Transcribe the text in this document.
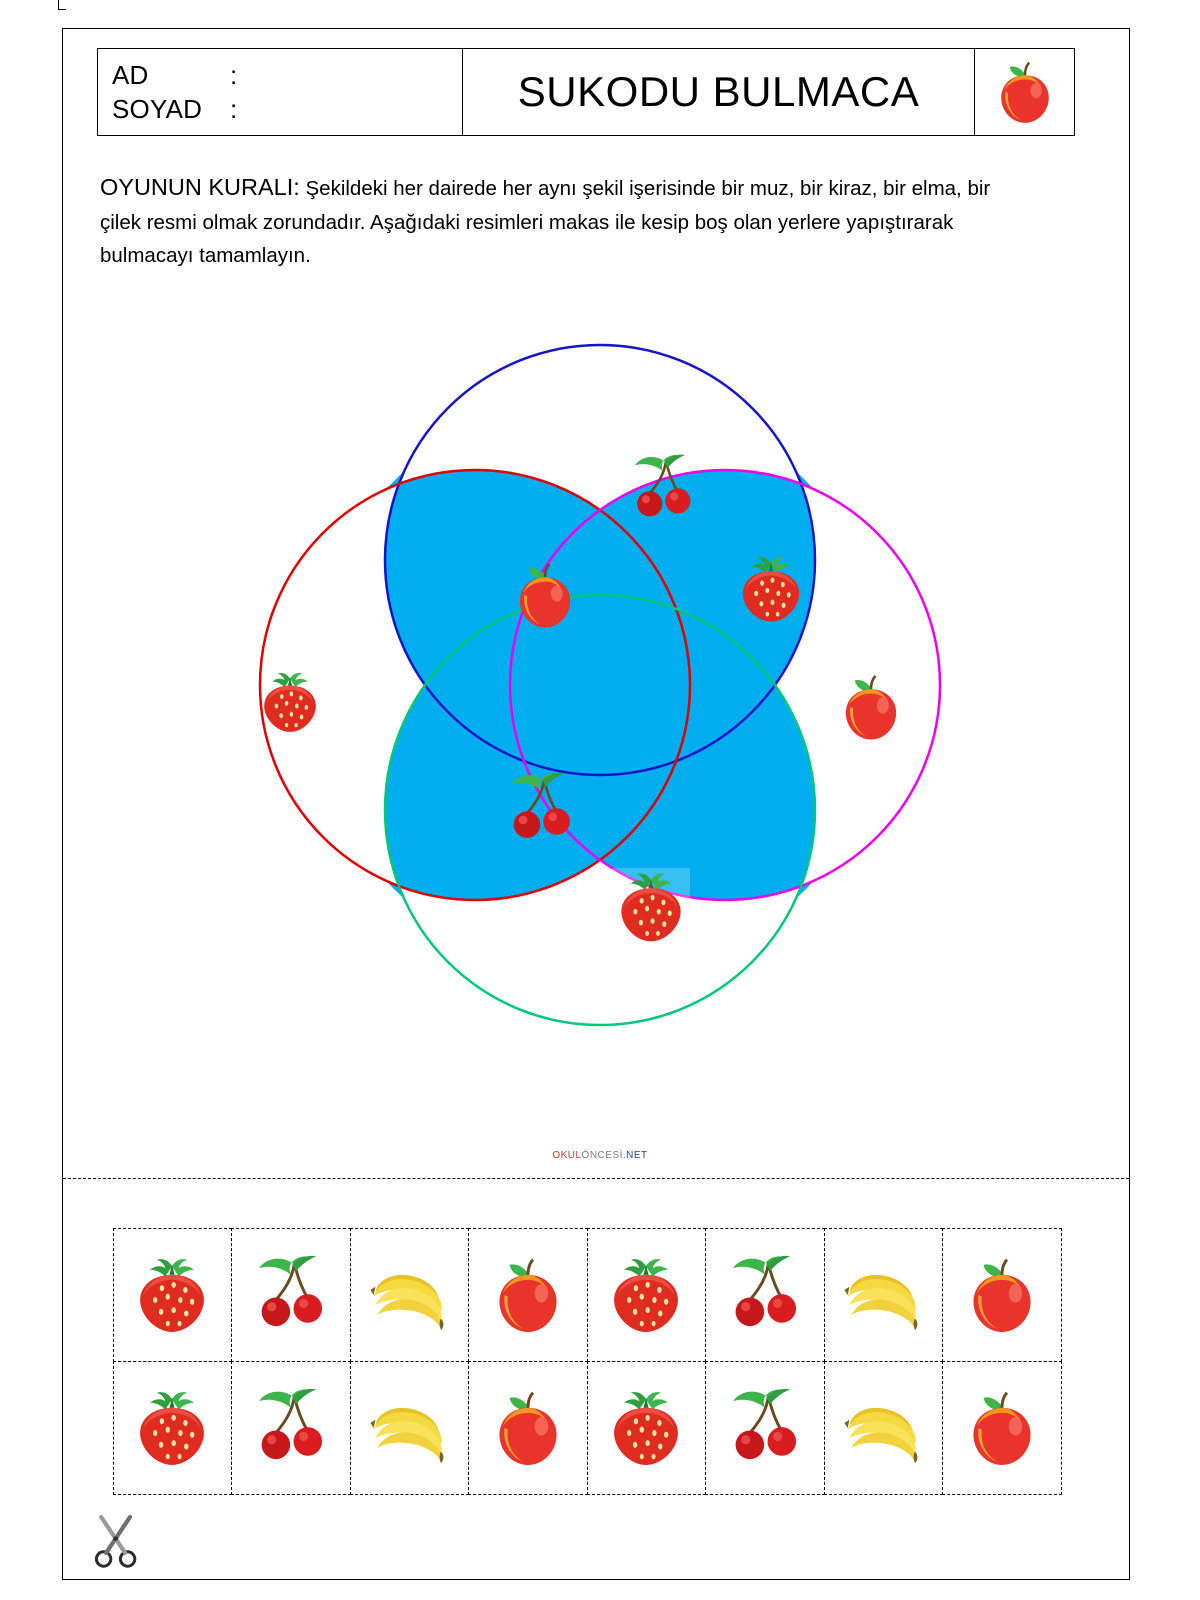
AD	:
SOYAD	:	SUKODU BULMACA
OYUNUN KURALI: Şekildeki her dairede her aynı şekil işerisinde bir muz, bir kiraz, bir elma, bir çilek resmi olmak zorundadır. Aşağıdaki resimleri makas ile kesip boş olan yerlere yapıştırarak bulmacayı tamamlayın.
OKULÖNCESİ.NET
